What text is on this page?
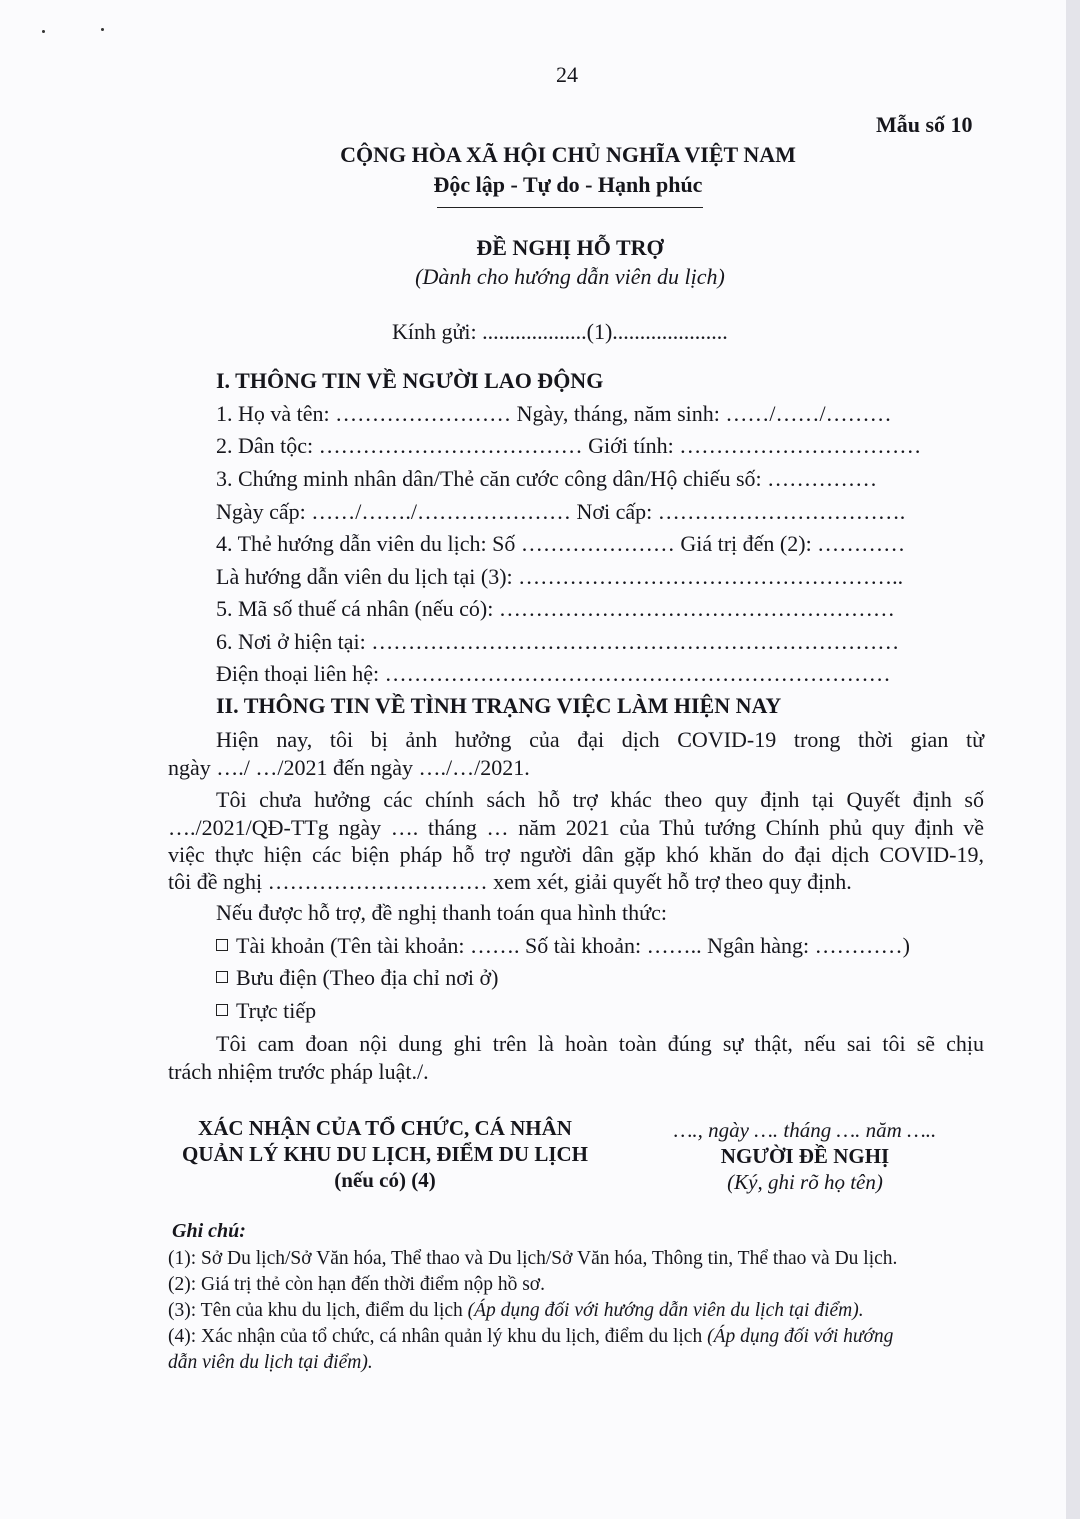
24
Mẫu số 10
CỘNG HÒA XÃ HỘI CHỦ NGHĨA VIỆT NAM
Độc lập - Tự do - Hạnh phúc
ĐỀ NGHỊ HỖ TRỢ
(Dành cho hướng dẫn viên du lịch)
Kính gửi: ...................(1).....................
I. THÔNG TIN VỀ NGƯỜI LAO ĐỘNG
1. Họ và tên: …………………… Ngày, tháng, năm sinh: ……/……/………
2. Dân tộc: ……………………………… Giới tính: ……………………………
3. Chứng minh nhân dân/Thẻ căn cước công dân/Hộ chiếu số: ……………
Ngày cấp: ……/……./………………… Nơi cấp: …………………………….
4. Thẻ hướng dẫn viên du lịch: Số ………………… Giá trị đến (2): …………
Là hướng dẫn viên du lịch tại (3): ……………………………………………..
5. Mã số thuế cá nhân (nếu có): ………………………………………………
6. Nơi ở hiện tại: ………………………………………………………………
Điện thoại liên hệ: ……………………………………………………………
II. THÔNG TIN VỀ TÌNH TRẠNG VIỆC LÀM HIỆN NAY
Hiện nay, tôi bị ảnh hưởng của đại dịch COVID-19 trong thời gian từ
ngày …./ …/2021 đến ngày …./…/2021.
Tôi chưa hưởng các chính sách hỗ trợ khác theo quy định tại Quyết định số
…./2021/QĐ-TTg ngày …. tháng … năm 2021 của Thủ tướng Chính phủ quy định về
việc thực hiện các biện pháp hỗ trợ người dân gặp khó khăn do đại dịch COVID-19,
tôi đề nghị ………………………… xem xét, giải quyết hỗ trợ theo quy định.
Nếu được hỗ trợ, đề nghị thanh toán qua hình thức:
Tài khoản (Tên tài khoản: ……. Số tài khoản: …….. Ngân hàng: …………)
Bưu điện (Theo địa chỉ nơi ở)
Trực tiếp
Tôi cam đoan nội dung ghi trên là hoàn toàn đúng sự thật, nếu sai tôi sẽ chịu
trách nhiệm trước pháp luật./.
XÁC NHẬN CỦA TỔ CHỨC, CÁ NHÂN
QUẢN LÝ KHU DU LỊCH, ĐIỂM DU LỊCH
(nếu có) (4)
…., ngày …. tháng …. năm …..
NGƯỜI ĐỀ NGHỊ
(Ký, ghi rõ họ tên)
Ghi chú:
(1): Sở Du lịch/Sở Văn hóa, Thể thao và Du lịch/Sở Văn hóa, Thông tin, Thể thao và Du lịch.
(2): Giá trị thẻ còn hạn đến thời điểm nộp hồ sơ.
(3): Tên của khu du lịch, điểm du lịch (Áp dụng đối với hướng dẫn viên du lịch tại điểm).
(4): Xác nhận của tổ chức, cá nhân quản lý khu du lịch, điểm du lịch (Áp dụng đối với hướng
dẫn viên du lịch tại điểm).
